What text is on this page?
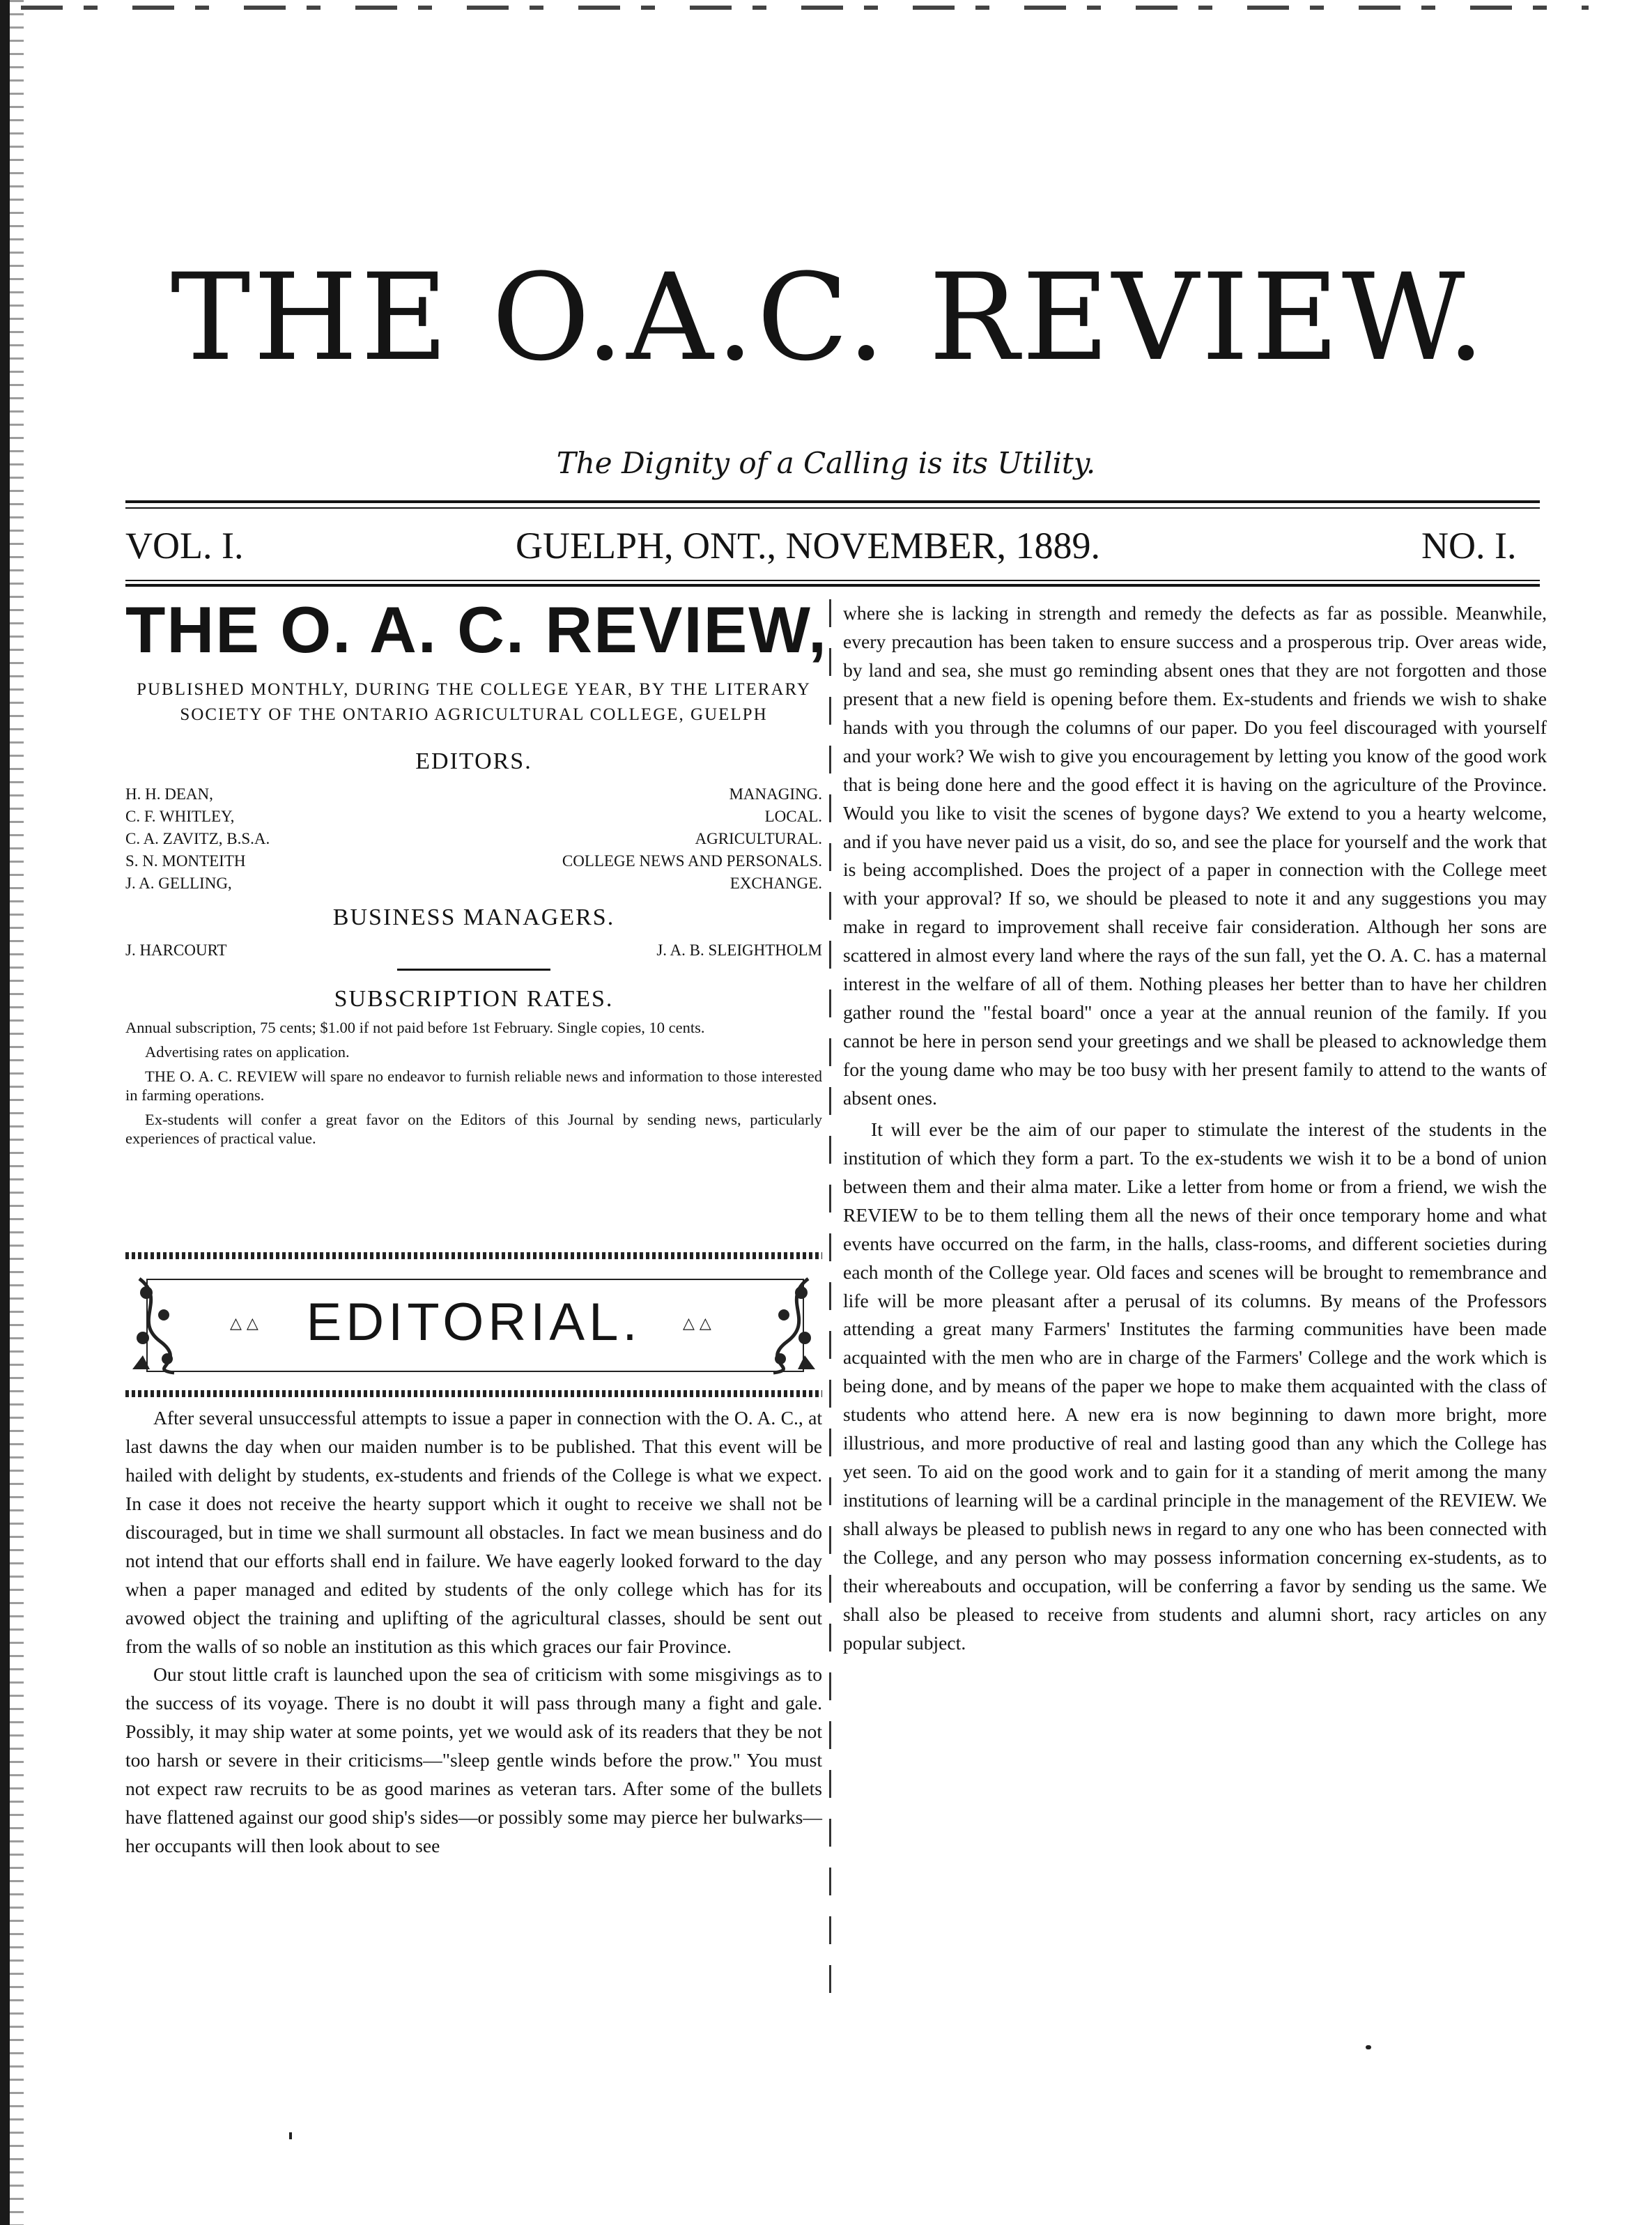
THE O.A.C. REVIEW.
The Dignity of a Calling is its Utility.
VOL. I.	GUELPH, ONT., NOVEMBER, 1889.	NO. I.
THE O. A. C. REVIEW,
PUBLISHED MONTHLY, DURING THE COLLEGE YEAR, BY THE LITERARY SOCIETY OF THE ONTARIO AGRICULTURAL COLLEGE, GUELPH
EDITORS.
H. H. DEAN,	MANAGING.
C. F. WHITLEY,	LOCAL.
C. A. ZAVITZ, B.S.A.	AGRICULTURAL.
S. N. MONTEITH	COLLEGE NEWS AND PERSONALS.
J. A. GELLING,	EXCHANGE.
BUSINESS MANAGERS.
J. HARCOURT	J. A. B. SLEIGHTHOLM
SUBSCRIPTION RATES.

Annual subscription, 75 cents; $1.00 if not paid before 1st February. Single copies, 10 cents.

Advertising rates on application.

THE O. A. C. REVIEW will spare no endeavor to furnish reliable news and information to those interested in farming operations.

Ex-students will confer a great favor on the Editors of this Journal by sending news, particularly experiences of practical value.

△ △ EDITORIAL.	△ △

After several unsuccessful attempts to issue a paper in connection with the O. A. C., at last dawns the day when our maiden number is to be published. That this event will be hailed with delight by students, ex-students and friends of the College is what we expect. In case it does not receive the hearty support which it ought to receive we shall not be discouraged, but in time we shall surmount all obstacles. In fact we mean business and do not intend that our efforts shall end in failure. We have eagerly looked forward to the day when a paper managed and edited by students of the only college which has for its avowed object the training and uplifting of the agricultural classes, should be sent out from the walls of so noble an institution as this which graces our fair Province.

Our stout little craft is launched upon the sea of criticism with some misgivings as to the success of its voyage. There is no doubt it will pass through many a fight and gale. Possibly, it may ship water at some points, yet we would ask of its readers that they be not too harsh or severe in their criticisms—"sleep gentle winds before the prow." You must not expect raw recruits to be as good marines as veteran tars. After some of the bullets have flattened against our good ship's sides—or possibly some may pierce her bulwarks—her occupants will then look about to see

where she is lacking in strength and remedy the defects as far as possible. Meanwhile, every precaution has been taken to ensure success and a prosperous trip. Over areas wide, by land and sea, she must go reminding absent ones that they are not forgotten and those present that a new field is opening before them. Ex-students and friends we wish to shake hands with you through the columns of our paper. Do you feel discouraged with yourself and your work? We wish to give you encouragement by letting you know of the good work that is being done here and the good effect it is having on the agriculture of the Province. Would you like to visit the scenes of bygone days? We extend to you a hearty welcome, and if you have never paid us a visit, do so, and see the place for yourself and the work that is being accomplished. Does the project of a paper in connection with the College meet with your approval? If so, we should be pleased to note it and any suggestions you may make in regard to improvement shall receive fair consideration. Although her sons are scattered in almost every land where the rays of the sun fall, yet the O. A. C. has a maternal interest in the welfare of all of them. Nothing pleases her better than to have her children gather round the "festal board" once a year at the annual reunion of the family. If you cannot be here in person send your greetings and we shall be pleased to acknowledge them for the young dame who may be too busy with her present family to attend to the wants of absent ones.

It will ever be the aim of our paper to stimulate the interest of the students in the institution of which they form a part. To the ex-students we wish it to be a bond of union between them and their alma mater. Like a letter from home or from a friend, we wish the REVIEW to be to them telling them all the news of their once temporary home and what events have occurred on the farm, in the halls, class-rooms, and different societies during each month of the College year. Old faces and scenes will be brought to remembrance and life will be more pleasant after a perusal of its columns. By means of the Professors attending a great many Farmers' Institutes the farming communities have been made acquainted with the men who are in charge of the Farmers' College and the work which is being done, and by means of the paper we hope to make them acquainted with the class of students who attend here. A new era is now beginning to dawn more bright, more illustrious, and more productive of real and lasting good than any which the College has yet seen. To aid on the good work and to gain for it a standing of merit among the many institutions of learning will be a cardinal principle in the management of the REVIEW. We shall always be pleased to publish news in regard to any one who has been connected with the College, and any person who may possess information concerning ex-students, as to their whereabouts and occupation, will be conferring a favor by sending us the same. We shall also be pleased to receive from students and alumni short, racy articles on any popular subject.
